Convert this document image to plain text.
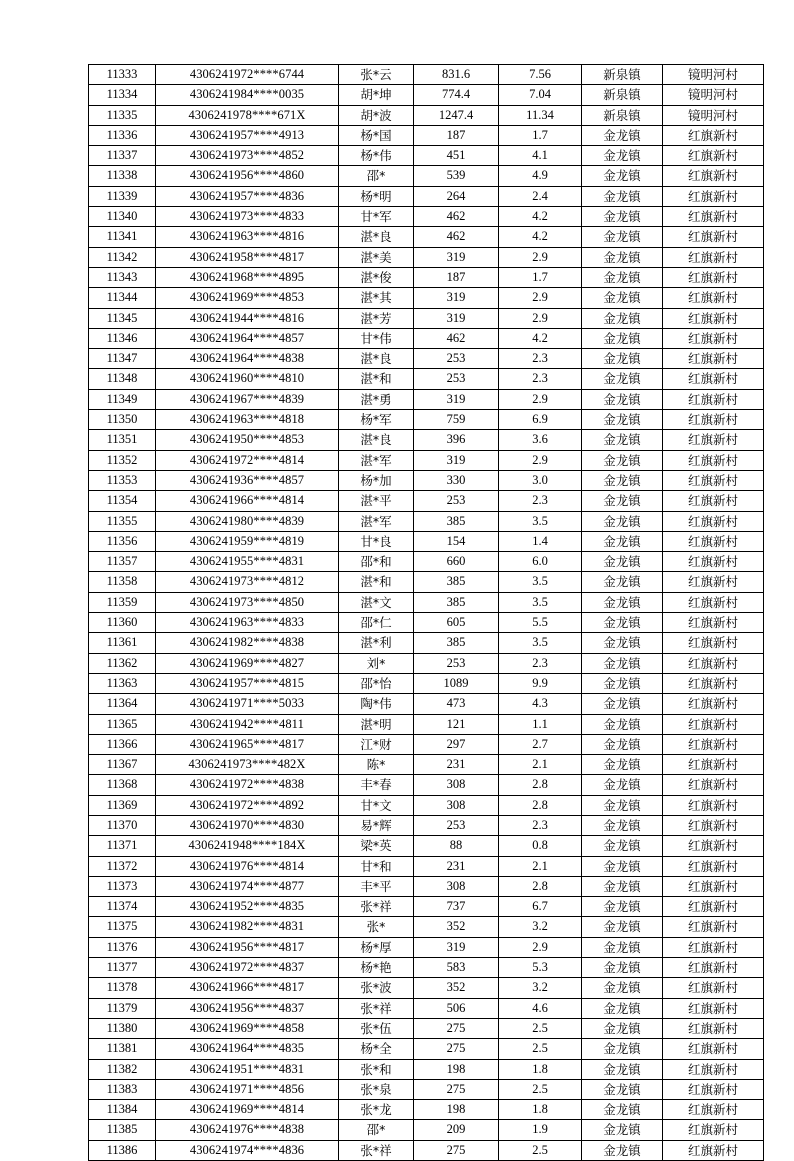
11333	4306241972****6744	张*云	831.6	7.56	新泉镇	镜明河村
11334	4306241984****0035	胡*坤	774.4	7.04	新泉镇	镜明河村
11335	4306241978****671X	胡*波	1247.4	11.34	新泉镇	镜明河村
11336	4306241957****4913	杨*国	187	1.7	金龙镇	红旗新村
11337	4306241973****4852	杨*伟	451	4.1	金龙镇	红旗新村
11338	4306241956****4860	邵*	539	4.9	金龙镇	红旗新村
11339	4306241957****4836	杨*明	264	2.4	金龙镇	红旗新村
11340	4306241973****4833	甘*军	462	4.2	金龙镇	红旗新村
11341	4306241963****4816	湛*良	462	4.2	金龙镇	红旗新村
11342	4306241958****4817	湛*美	319	2.9	金龙镇	红旗新村
11343	4306241968****4895	湛*俊	187	1.7	金龙镇	红旗新村
11344	4306241969****4853	湛*其	319	2.9	金龙镇	红旗新村
11345	4306241944****4816	湛*芳	319	2.9	金龙镇	红旗新村
11346	4306241964****4857	甘*伟	462	4.2	金龙镇	红旗新村
11347	4306241964****4838	湛*良	253	2.3	金龙镇	红旗新村
11348	4306241960****4810	湛*和	253	2.3	金龙镇	红旗新村
11349	4306241967****4839	湛*勇	319	2.9	金龙镇	红旗新村
11350	4306241963****4818	杨*军	759	6.9	金龙镇	红旗新村
11351	4306241950****4853	湛*良	396	3.6	金龙镇	红旗新村
11352	4306241972****4814	湛*军	319	2.9	金龙镇	红旗新村
11353	4306241936****4857	杨*加	330	3.0	金龙镇	红旗新村
11354	4306241966****4814	湛*平	253	2.3	金龙镇	红旗新村
11355	4306241980****4839	湛*军	385	3.5	金龙镇	红旗新村
11356	4306241959****4819	甘*良	154	1.4	金龙镇	红旗新村
11357	4306241955****4831	邵*和	660	6.0	金龙镇	红旗新村
11358	4306241973****4812	湛*和	385	3.5	金龙镇	红旗新村
11359	4306241973****4850	湛*文	385	3.5	金龙镇	红旗新村
11360	4306241963****4833	邵*仁	605	5.5	金龙镇	红旗新村
11361	4306241982****4838	湛*利	385	3.5	金龙镇	红旗新村
11362	4306241969****4827	刘*	253	2.3	金龙镇	红旗新村
11363	4306241957****4815	邵*怡	1089	9.9	金龙镇	红旗新村
11364	4306241971****5033	陶*伟	473	4.3	金龙镇	红旗新村
11365	4306241942****4811	湛*明	121	1.1	金龙镇	红旗新村
11366	4306241965****4817	江*财	297	2.7	金龙镇	红旗新村
11367	4306241973****482X	陈*	231	2.1	金龙镇	红旗新村
11368	4306241972****4838	丰*春	308	2.8	金龙镇	红旗新村
11369	4306241972****4892	甘*文	308	2.8	金龙镇	红旗新村
11370	4306241970****4830	易*辉	253	2.3	金龙镇	红旗新村
11371	4306241948****184X	梁*英	88	0.8	金龙镇	红旗新村
11372	4306241976****4814	甘*和	231	2.1	金龙镇	红旗新村
11373	4306241974****4877	丰*平	308	2.8	金龙镇	红旗新村
11374	4306241952****4835	张*祥	737	6.7	金龙镇	红旗新村
11375	4306241982****4831	张*	352	3.2	金龙镇	红旗新村
11376	4306241956****4817	杨*厚	319	2.9	金龙镇	红旗新村
11377	4306241972****4837	杨*艳	583	5.3	金龙镇	红旗新村
11378	4306241966****4817	张*波	352	3.2	金龙镇	红旗新村
11379	4306241956****4837	张*祥	506	4.6	金龙镇	红旗新村
11380	4306241969****4858	张*伍	275	2.5	金龙镇	红旗新村
11381	4306241964****4835	杨*全	275	2.5	金龙镇	红旗新村
11382	4306241951****4831	张*和	198	1.8	金龙镇	红旗新村
11383	4306241971****4856	张*泉	275	2.5	金龙镇	红旗新村
11384	4306241969****4814	张*龙	198	1.8	金龙镇	红旗新村
11385	4306241976****4838	邵*	209	1.9	金龙镇	红旗新村
11386	4306241974****4836	张*祥	275	2.5	金龙镇	红旗新村
